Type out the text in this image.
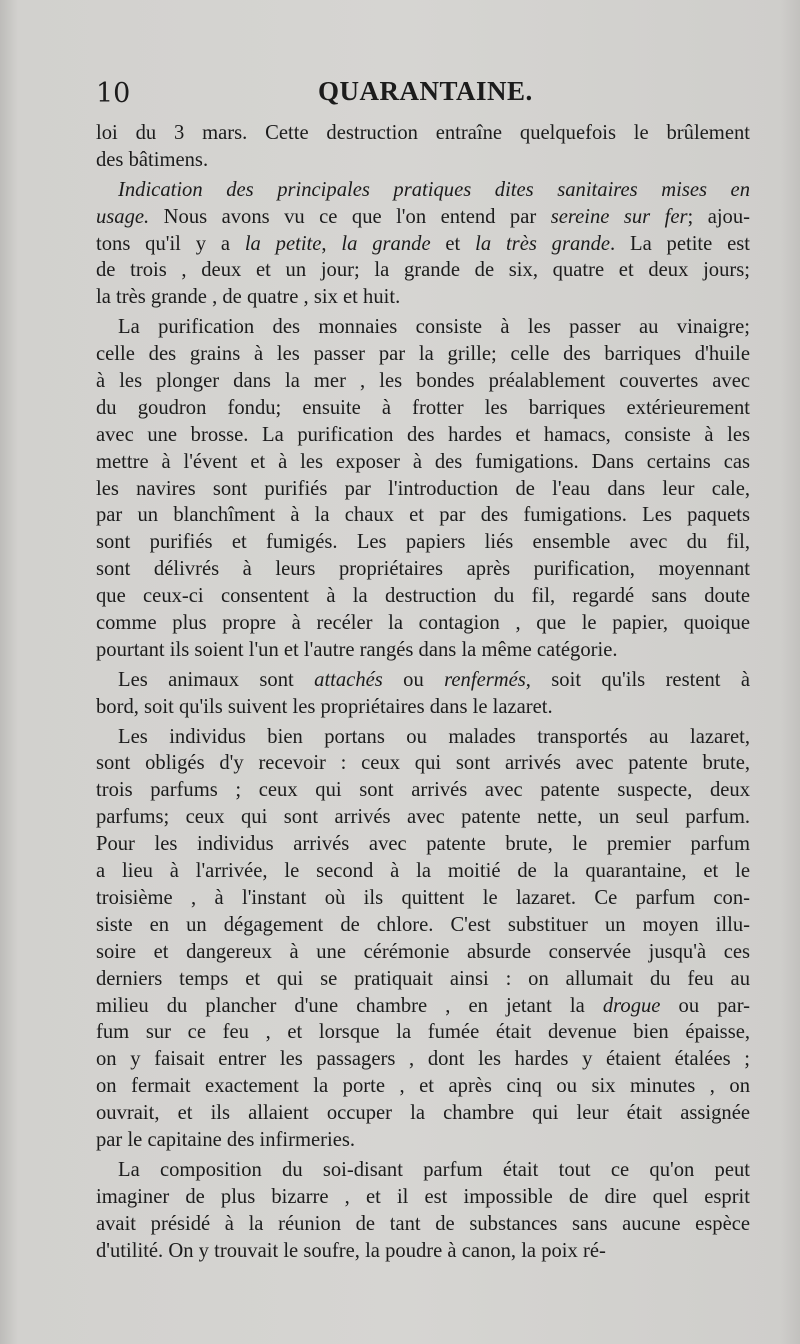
10	QUARANTAINE.
loi du 3 mars. Cette destruction entraîne quelquefois le brûlement
des bâtimens.
Indication des principales pratiques dites sanitaires mises en
usage. Nous avons vu ce que l'on entend par sereine sur fer; ajou-
tons qu'il y a la petite, la grande et la très grande. La petite est
de trois , deux et un jour; la grande de six, quatre et deux jours;
la très grande , de quatre , six et huit.
La purification des monnaies consiste à les passer au vinaigre;
celle des grains à les passer par la grille; celle des barriques d'huile
à les plonger dans la mer , les bondes préalablement couvertes avec
du goudron fondu; ensuite à frotter les barriques extérieurement
avec une brosse. La purification des hardes et hamacs, consiste à les
mettre à l'évent et à les exposer à des fumigations. Dans certains cas
les navires sont purifiés par l'introduction de l'eau dans leur cale,
par un blanchîment à la chaux et par des fumigations. Les paquets
sont purifiés et fumigés. Les papiers liés ensemble avec du fil,
sont délivrés à leurs propriétaires après purification, moyennant
que ceux-ci consentent à la destruction du fil, regardé sans doute
comme plus propre à recéler la contagion , que le papier, quoique
pourtant ils soient l'un et l'autre rangés dans la même catégorie.
Les animaux sont attachés ou renfermés, soit qu'ils restent à
bord, soit qu'ils suivent les propriétaires dans le lazaret.
Les individus bien portans ou malades transportés au lazaret,
sont obligés d'y recevoir : ceux qui sont arrivés avec patente brute,
trois parfums ; ceux qui sont arrivés avec patente suspecte, deux
parfums; ceux qui sont arrivés avec patente nette, un seul parfum.
Pour les individus arrivés avec patente brute, le premier parfum
a lieu à l'arrivée, le second à la moitié de la quarantaine, et le
troisième , à l'instant où ils quittent le lazaret. Ce parfum con-
siste en un dégagement de chlore. C'est substituer un moyen illu-
soire et dangereux à une cérémonie absurde conservée jusqu'à ces
derniers temps et qui se pratiquait ainsi : on allumait du feu au
milieu du plancher d'une chambre , en jetant la drogue ou par-
fum sur ce feu , et lorsque la fumée était devenue bien épaisse,
on y faisait entrer les passagers , dont les hardes y étaient étalées ;
on fermait exactement la porte , et après cinq ou six minutes , on
ouvrait, et ils allaient occuper la chambre qui leur était assignée
par le capitaine des infirmeries.
La composition du soi-disant parfum était tout ce qu'on peut
imaginer de plus bizarre , et il est impossible de dire quel esprit
avait présidé à la réunion de tant de substances sans aucune espèce
d'utilité. On y trouvait le soufre, la poudre à canon, la poix ré-
